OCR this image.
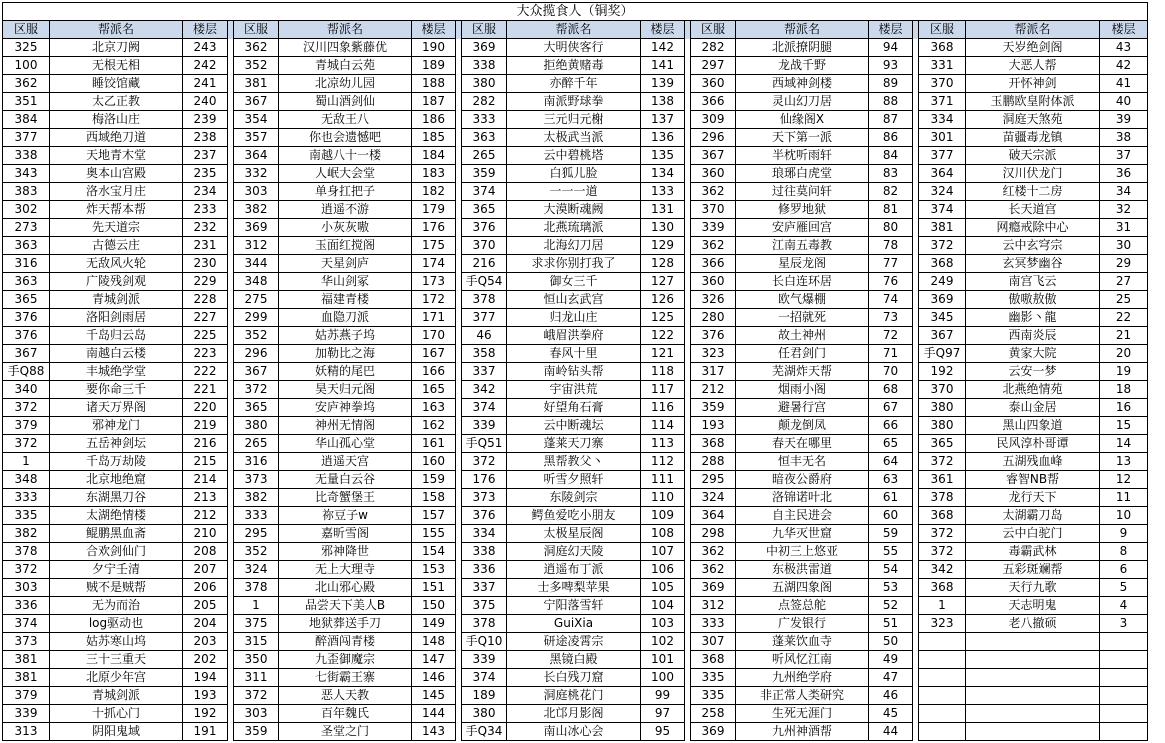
大众揽食人（铜奖）																		
区服	帮派名	楼层		区服	帮派名	楼层		区服	帮派名	楼层		区服	帮派名	楼层		区服	帮派名	楼层
325	北京刀阙	243		362	汉川四象紫藤优	190		369	大明侠客行	142		282	北派撩阴腿	94		368	天岁绝剑阁	43
100	无根无相	242		352	青城白云苑	189		338	拒绝黄赌毒	141		297	龙战千野	93		331	大恶人帮	42
362	睡饺馆藏	241		381	北凉幼儿园	188		380	亦醉千年	139		360	西域神剑楼	89		370	开怀神剑	41
351	太乙正教	240		367	蜀山酒剑仙	187		282	南派野球拳	138		366	灵山幻刀居	88		371	玉鹏欧皇附体派	40
384	梅洛山庄	239		354	无敌王八	186		333	三元归元榭	137		309	仙缘阁X	87		334	洞庭天煞苑	39
377	西域绝刀道	238		357	你也会遗憾吧	185		363	太极武当派	136		296	天下第一派	86		301	苗疆毒龙镇	38
338	天地青木堂	237		364	南越八十一楼	184		265	云中碧桃塔	135		367	半枕听雨轩	84		377	破天宗派	37
343	奥本山宫殿	235		332	人岷大会堂	183		359	白狐儿脸	134		360	琅琊白虎堂	83		364	汉川伏龙门	36
383	洛水宝月庄	234		303	单身扛把子	182		374	一一一道	133		362	过往莫问轩	82		324	红楼十二房	34
302	炸天帮本帮	233		382	逍遥不游	179		365	大漠断魂阙	131		370	修罗地狱	81		374	长天道宫	32
273	先天道宗	232		369	小灰灰嗷	176		376	北燕琉璃派	130		339	安庐雁回宫	80		381	网瘾戒除中心	31
363	古德云庄	231		312	玉面红搅阁	175		370	北海幻刀居	129		362	江南五毒教	78		372	云中玄穹宗	30
316	无敌风火轮	230		344	天星剑庐	174		216	求求你别打我了	128		366	星辰龙阁	77		368	玄冥梦幽谷	29
363	广陵残剑观	229		348	华山剑冢	173		手Q54	御女三千	127		360	长白连环居	76		249	南宫飞云	27
365	青城剑派	228		275	福建青楼	172		378	恒山玄武宫	126		326	欧气爆棚	74		369	傲嗷敖傲	25
376	洛阳剑雨居	227		299	血隐刀派	171		377	归龙山庄	125		280	一招就死	73		345	幽影丶龍	22
376	千岛归云岛	225		352	姑苏燕子坞	170		46	峨眉洪拳府	122		376	故土神州	72		367	西南炎辰	21
367	南越白云楼	223		296	加勒比之海	167		358	春风十里	121		323	任君剑门	71		手Q97	黄家大院	20
手Q88	丰城绝学堂	222		367	妖精的尾巴	166		337	南岭钻头帮	118		317	芜湖炸天帮	70		192	云安一梦	19
340	要你命三千	221		372	昊天归元阁	165		342	宇宙洪荒	117		212	烟雨小阁	68		370	北燕绝情苑	18
372	诸天万界阁	220		365	安庐神拳坞	163		374	好望角石膏	116		359	避暑行宫	67		380	泰山金居	16
379	邪神龙门	219		380	神州无情阁	162		339	云中断魂坛	114		193	颠龙倒凤	66		380	黑山四象道	15
372	五岳神剑坛	216		265	华山孤心堂	161		手Q51	蓬莱天刀寨	113		368	春天在哪里	65		365	民风淳朴哥谭	14
1	千岛万劫陵	215		316	逍遥天宫	160		372	黑帮教父丶	112		288	恒丰无名	64		372	五湖残血峰	13
348	北京地绝窟	214		373	无量白云谷	159		176	听雪夕照轩	111		295	暗夜公爵府	63		361	睿智NB帮	12
333	东湖黑刀谷	213		382	比奇蟹堡王	158		373	东陵剑宗	110		324	洛锦诺叶北	61		378	龙行天下	11
335	太湖绝情楼	212		333	祢豆子w	157		376	鳄鱼爱吃小朋友	109		364	自主民进会	60		368	太湖霸刀岛	10
382	鲲鹏黑血斋	210		295	嘉昕雪阁	155		334	太极星辰阁	108		298	九华灭世窟	59		372	云中白驼门	9
378	合欢剑仙门	208		352	邪神降世	154		338	洞庭幻天陵	107		362	中初三上悠亚	55		372	毒霸武林	8
372	夕宁壬清	207		324	无上大理寺	153		336	逍遥布丁派	106		362	东极洪雷道	54		342	五彩斑斓帮	6
303	贼不是贼帮	206		378	北山邪心殿	151		337	士多啤梨苹果	105		369	五湖四象阁	53		368	天行九歌	5
336	无为而治	205		1	品尝天下美人B	150		375	宁阳落雪轩	104		312	点签总舵	52		1	天志明鬼	4
374	log驱动也	204		375	地狱葬送手刀	149		378	GuiXia	103		333	广发银行	51		323	老八撤硕	3
373	姑苏寒山坞	203		315	醉酒闯青楼	148		手Q10	研途凌霄宗	102		307	蓬莱饮血寺	50				
381	三十三重天	202		350	九歪御魔宗	147		339	黑镜白殿	101		368	听风忆江南	49				
381	北原少年宫	194		311	七街霸王寨	146		374	长白残刀窟	100		335	九州绝学府	47				
379	青城剑派	193		372	恶人天教	145		189	洞庭桃花门	99		335	非正常人类研究	46				
339	十抓心门	192		303	百年魏氏	144		380	北邙月影阁	97		258	生死无涯门	45				
313	阴阳鬼域	191		359	圣堂之门	143		手Q34	南山冰心会	95		369	九州神酒帮	44				
